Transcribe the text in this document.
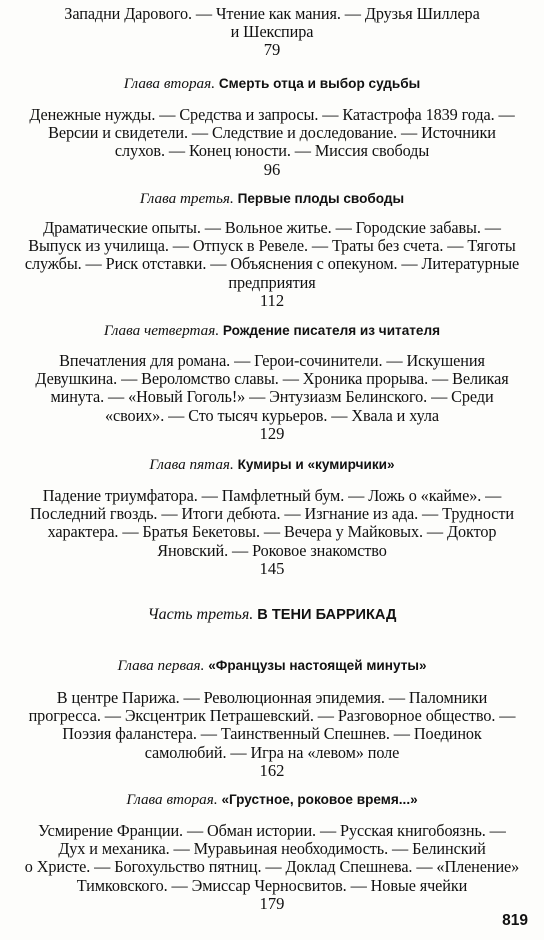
Западни Дарового. — Чтение как мания. — Друзья Шиллера
и Шекспира
79
Глава вторая. Смерть отца и выбор судьбы
Денежные нужды. — Средства и запросы. — Катастрофа 1839 года. —
Версии и свидетели. — Следствие и доследование. — Источники
слухов. — Конец юности. — Миссия свободы
96
Глава третья. Первые плоды свободы
Драматические опыты. — Вольное житье. — Городские забавы. —
Выпуск из училища. — Отпуск в Ревеле. — Траты без счета. — Тяготы
службы. — Риск отставки. — Объяснения с опекуном. — Литературные
предприятия
112
Глава четвертая. Рождение писателя из читателя
Впечатления для романа. — Герои-сочинители. — Искушения
Девушкина. — Вероломство славы. — Хроника прорыва. — Великая
минута. — «Новый Гоголь!» — Энтузиазм Белинского. — Среди
«своих». — Сто тысяч курьеров. — Хвала и хула
129
Глава пятая. Кумиры и «кумирчики»
Падение триумфатора. — Памфлетный бум. — Ложь о «кайме». —
Последний гвоздь. — Итоги дебюта. — Изгнание из ада. — Трудности
характера. — Братья Бекетовы. — Вечера у Майковых. — Доктор
Яновский. — Роковое знакомство
145
Часть третья. В ТЕНИ БАРРИКАД
Глава первая. «Французы настоящей минуты»
В центре Парижа. — Революционная эпидемия. — Паломники
прогресса. — Эксцентрик Петрашевский. — Разговорное общество. —
Поэзия фаланстера. — Таинственный Спешнев. — Поединок
самолюбий. — Игра на «левом» поле
162
Глава вторая. «Грустное, роковое время...»
Усмирение Франции. — Обман истории. — Русская книгобоязнь. —
Дух и механика. — Муравьиная необходимость. — Белинский
о Христе. — Богохульство пятниц. — Доклад Спешнева. — «Пленение»
Тимковского. — Эмиссар Черносвитов. — Новые ячейки
179
819
